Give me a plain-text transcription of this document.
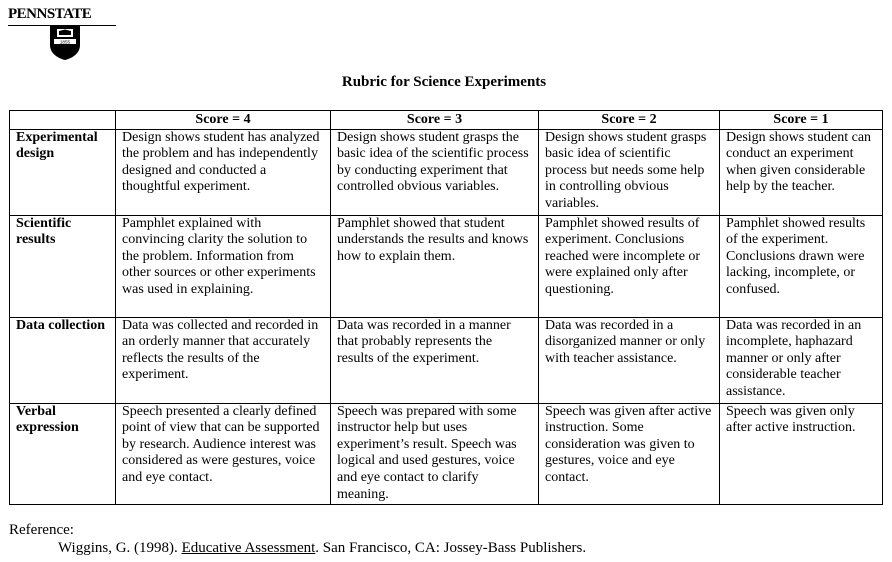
PENNSTATE
1855
Rubric for Science Experiments
	Score = 4	Score = 3	Score = 2	Score = 1
Experimental design	Design shows student has analyzed the problem and has independently designed and conducted a thoughtful experiment.	Design shows student grasps the basic idea of the scientific process by conducting experiment that controlled obvious variables.	Design shows student grasps basic idea of scientific process but needs some help in controlling obvious variables.	Design shows student can conduct an experiment when given considerable help by the teacher.
Scientific results	Pamphlet explained with convincing clarity the solution to the problem. Information from other sources or other experiments was used in explaining.	Pamphlet showed that student understands the results and knows how to explain them.	Pamphlet showed results of experiment. Conclusions reached were incomplete or were explained only after questioning.	Pamphlet showed results of the experiment. Conclusions drawn were lacking, incomplete, or confused.
Data collection	Data was collected and recorded in an orderly manner that accurately reflects the results of the experiment.	Data was recorded in a manner that probably represents the results of the experiment.	Data was recorded in a disorganized manner or only with teacher assistance.	Data was recorded in an incomplete, haphazard manner or only after considerable teacher assistance.
Verbal expression	Speech presented a clearly defined point of view that can be supported by research. Audience interest was considered as were gestures, voice and eye contact.	Speech was prepared with some instructor help but uses experiment’s result. Speech was logical and used gestures, voice and eye contact to clarify meaning.	Speech was given after active instruction. Some consideration was given to gestures, voice and eye contact.	Speech was given only after active instruction.
Reference:
Wiggins, G. (1998). Educative Assessment. San Francisco, CA: Jossey-Bass Publishers.
